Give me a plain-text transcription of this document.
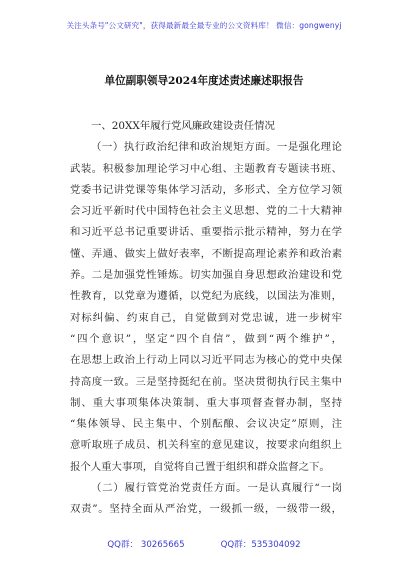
关注头条号"公文研究"，获得最新最全最专业的公文资料库！ 微信：gongwenyj
单位副职领导2024年度述责述廉述职报告
一、20XX年履行党风廉政建设责任情况
（一）执行政治纪律和政治规矩方面。一是强化理论
武装。积极参加理论学习中心组、主题教育专题读书班、
党委书记讲党课等集体学习活动，多形式、全方位学习领
会习近平新时代中国特色社会主义思想、党的二十大精神
和习近平总书记重要讲话、重要指示批示精神，努力在学
懂、弄通、做实上做好表率，不断提高理论素养和政治素
养。二是加强党性锤炼。切实加强自身思想政治建设和党
性教育，以党章为遵循，以党纪为底线，以国法为准则，
对标纠偏、约束自己，自觉做到对党忠诚，进一步树牢
“四个意识”，坚定“四个自信”，做到“两个维护”，
在思想上政治上行动上同以习近平同志为核心的党中央保
持高度一致。三是坚持挺纪在前。坚决贯彻执行民主集中
制、重大事项集体决策制、重大事项督查督办制，坚持
“集体领导、民主集中、个别酝酿、会议决定”原则，注
意听取班子成员、机关科室的意见建议，按要求向组织上
报个人重大事项，自觉将自己置于组织和群众监督之下。
（二）履行管党治党责任方面。一是认真履行“一岗
双责”。坚持全面从严治党，一级抓一级，一级带一级，
QQ群： 30265665	QQ群：535304092
